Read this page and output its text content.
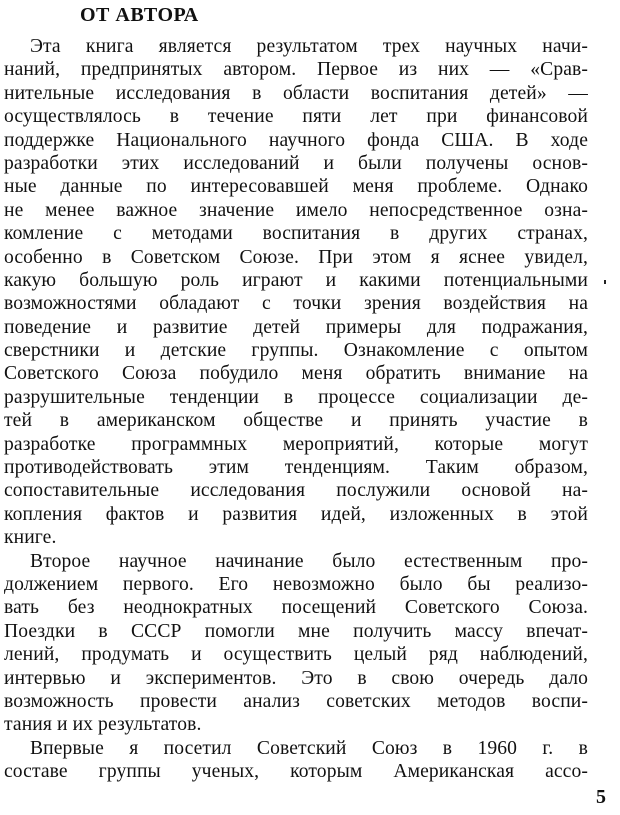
ОТ АВТОРА
Эта книга является результатом трех научных начи-
наний, предпринятых автором. Первое из них — «Срав-
нительные исследования в области воспитания детей» —
осуществлялось в течение пяти лет при финансовой
поддержке Национального научного фонда США. В ходе
разработки этих исследований и были получены основ-
ные данные по интересовавшей меня проблеме. Однако
не менее важное значение имело непосредственное озна-
комление с методами воспитания в других странах,
особенно в Советском Союзе. При этом я яснее увидел,
какую большую роль играют и какими потенциальными
возможностями обладают с точки зрения воздействия на
поведение и развитие детей примеры для подражания,
сверстники и детские группы. Ознакомление с опытом
Советского Союза побудило меня обратить внимание на
разрушительные тенденции в процессе социализации де-
тей в американском обществе и принять участие в
разработке программных мероприятий, которые могут
противодействовать этим тенденциям. Таким образом,
сопоставительные исследования послужили основой на-
копления фактов и развития идей, изложенных в этой
книге.
Второе научное начинание было естественным про-
должением первого. Его невозможно было бы реализо-
вать без неоднократных посещений Советского Союза.
Поездки в СССР помогли мне получить массу впечат-
лений, продумать и осуществить целый ряд наблюдений,
интервью и экспериментов. Это в свою очередь дало
возможность провести анализ советских методов воспи-
тания и их результатов.
Впервые я посетил Советский Союз в 1960 г. в
составе группы ученых, которым Американская ассо-

5
